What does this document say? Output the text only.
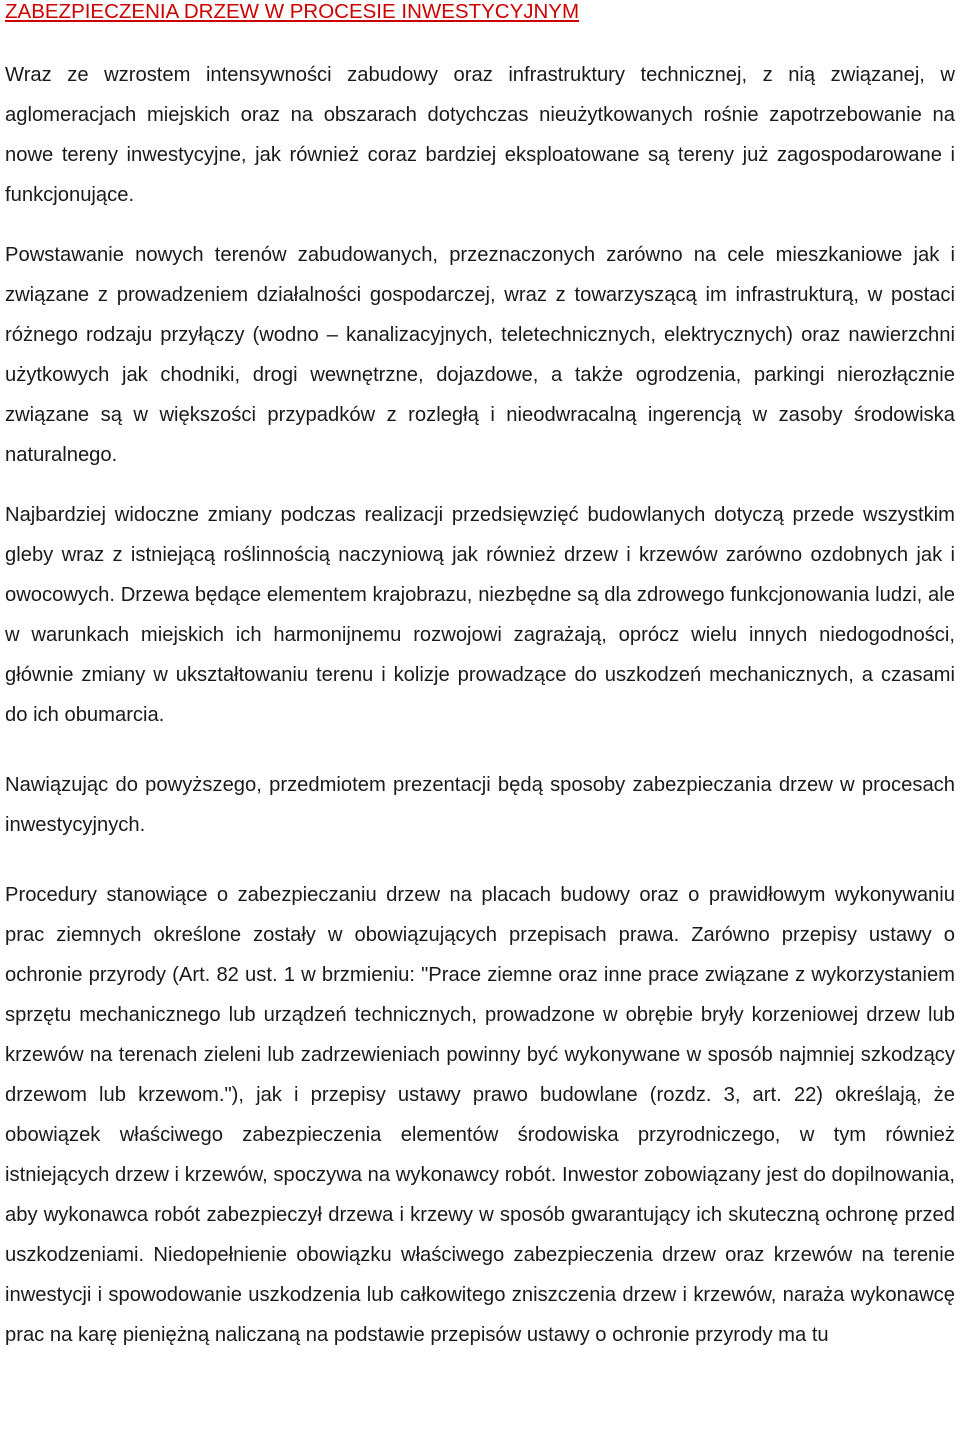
ZABEZPIECZENIA DRZEW W PROCESIE INWESTYCYJNYM

Wraz ze wzrostem intensywności zabudowy oraz infrastruktury technicznej, z nią związanej, w aglomeracjach miejskich oraz na obszarach dotychczas nieużytkowanych rośnie zapotrzebowanie na nowe tereny inwestycyjne, jak również coraz bardziej eksploatowane są tereny już zagospodarowane i funkcjonujące.

Powstawanie nowych terenów zabudowanych, przeznaczonych zarówno na cele mieszkaniowe jak i związane z prowadzeniem działalności gospodarczej, wraz z towarzyszącą im infrastrukturą, w postaci różnego rodzaju przyłączy (wodno – kanalizacyjnych, teletechnicznych, elektrycznych) oraz nawierzchni użytkowych jak chodniki, drogi wewnętrzne, dojazdowe, a także ogrodzenia, parkingi nierozłącznie związane są w większości przypadków z rozległą i nieodwracalną ingerencją w zasoby środowiska naturalnego.

Najbardziej widoczne zmiany podczas realizacji przedsięwzięć budowlanych dotyczą przede wszystkim gleby wraz z istniejącą roślinnością naczyniową jak również drzew i krzewów zarówno ozdobnych jak i owocowych. Drzewa będące elementem krajobrazu, niezbędne są dla zdrowego funkcjonowania ludzi, ale w warunkach miejskich ich harmonijnemu rozwojowi zagrażają, oprócz wielu innych niedogodności, głównie zmiany w ukształtowaniu terenu i kolizje prowadzące do uszkodzeń mechanicznych, a czasami do ich obumarcia.

Nawiązując do powyższego, przedmiotem prezentacji będą sposoby zabezpieczania drzew w procesach inwestycyjnych.

Procedury stanowiące o zabezpieczaniu drzew na placach budowy oraz o prawidłowym wykonywaniu prac ziemnych określone zostały w obowiązujących przepisach prawa. Zarówno przepisy ustawy o ochronie przyrody (Art. 82 ust. 1 w brzmieniu: "Prace ziemne oraz inne prace związane z wykorzystaniem sprzętu mechanicznego lub urządzeń technicznych, prowadzone w obrębie bryły korzeniowej drzew lub krzewów na terenach zieleni lub zadrzewieniach powinny być wykonywane w sposób najmniej szkodzący drzewom lub krzewom."), jak i przepisy ustawy prawo budowlane (rozdz. 3, art. 22) określają, że obowiązek właściwego zabezpieczenia elementów środowiska przyrodniczego, w tym również istniejących drzew i krzewów, spoczywa na wykonawcy robót. Inwestor zobowiązany jest do dopilnowania, aby wykonawca robót zabezpieczył drzewa i krzewy w sposób gwarantujący ich skuteczną ochronę przed uszkodzeniami. Niedopełnienie obowiązku właściwego zabezpieczenia drzew oraz krzewów na terenie inwestycji i spowodowanie uszkodzenia lub całkowitego zniszczenia drzew i krzewów, naraża wykonawcę prac na karę pieniężną naliczaną na podstawie przepisów ustawy o ochronie przyrody ma tu
